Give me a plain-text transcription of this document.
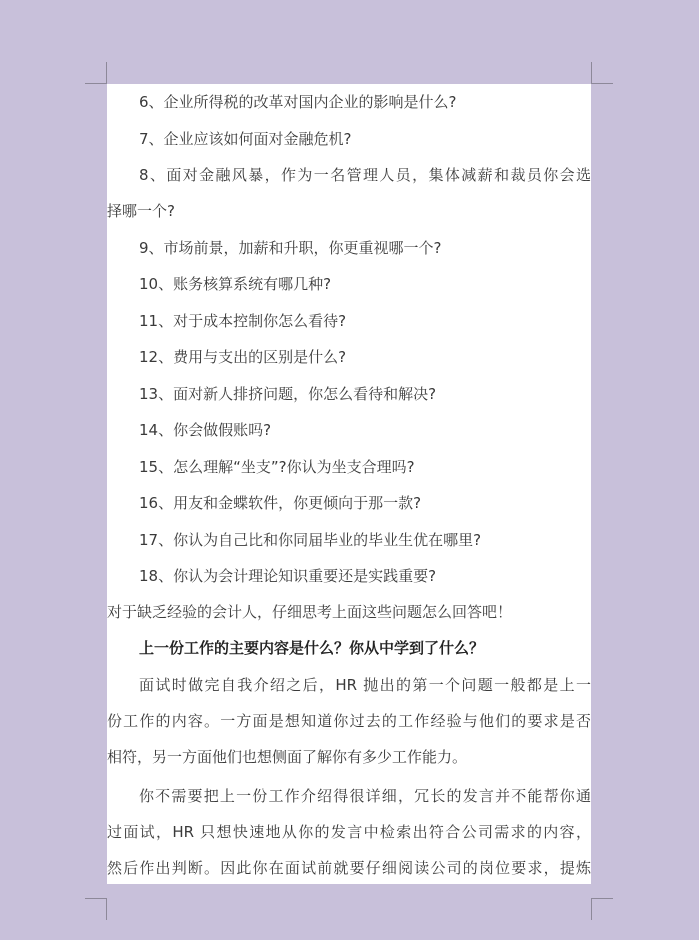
6、企业所得税的改革对国内企业的影响是什么?
7、企业应该如何面对金融危机?
8、面对金融风暴，作为一名管理人员，集体减薪和裁员你会选
择哪一个?
9、市场前景，加薪和升职，你更重视哪一个?
10、账务核算系统有哪几种?
11、对于成本控制你怎么看待?
12、费用与支出的区别是什么?
13、面对新人排挤问题，你怎么看待和解决?
14、你会做假账吗?
15、怎么理解“坐支”?你认为坐支合理吗?
16、用友和金蝶软件，你更倾向于那一款?
17、你认为自己比和你同届毕业的毕业生优在哪里?
18、你认为会计理论知识重要还是实践重要?
对于缺乏经验的会计人，仔细思考上面这些问题怎么回答吧！
上一份工作的主要内容是什么？你从中学到了什么？
面试时做完自我介绍之后，HR 抛出的第一个问题一般都是上一
份工作的内容。一方面是想知道你过去的工作经验与他们的要求是否
相符，另一方面他们也想侧面了解你有多少工作能力。
你不需要把上一份工作介绍得很详细，冗长的发言并不能帮你通
过面试，HR 只想快速地从你的发言中检索出符合公司需求的内容，
然后作出判断。因此你在面试前就要仔细阅读公司的岗位要求，提炼
